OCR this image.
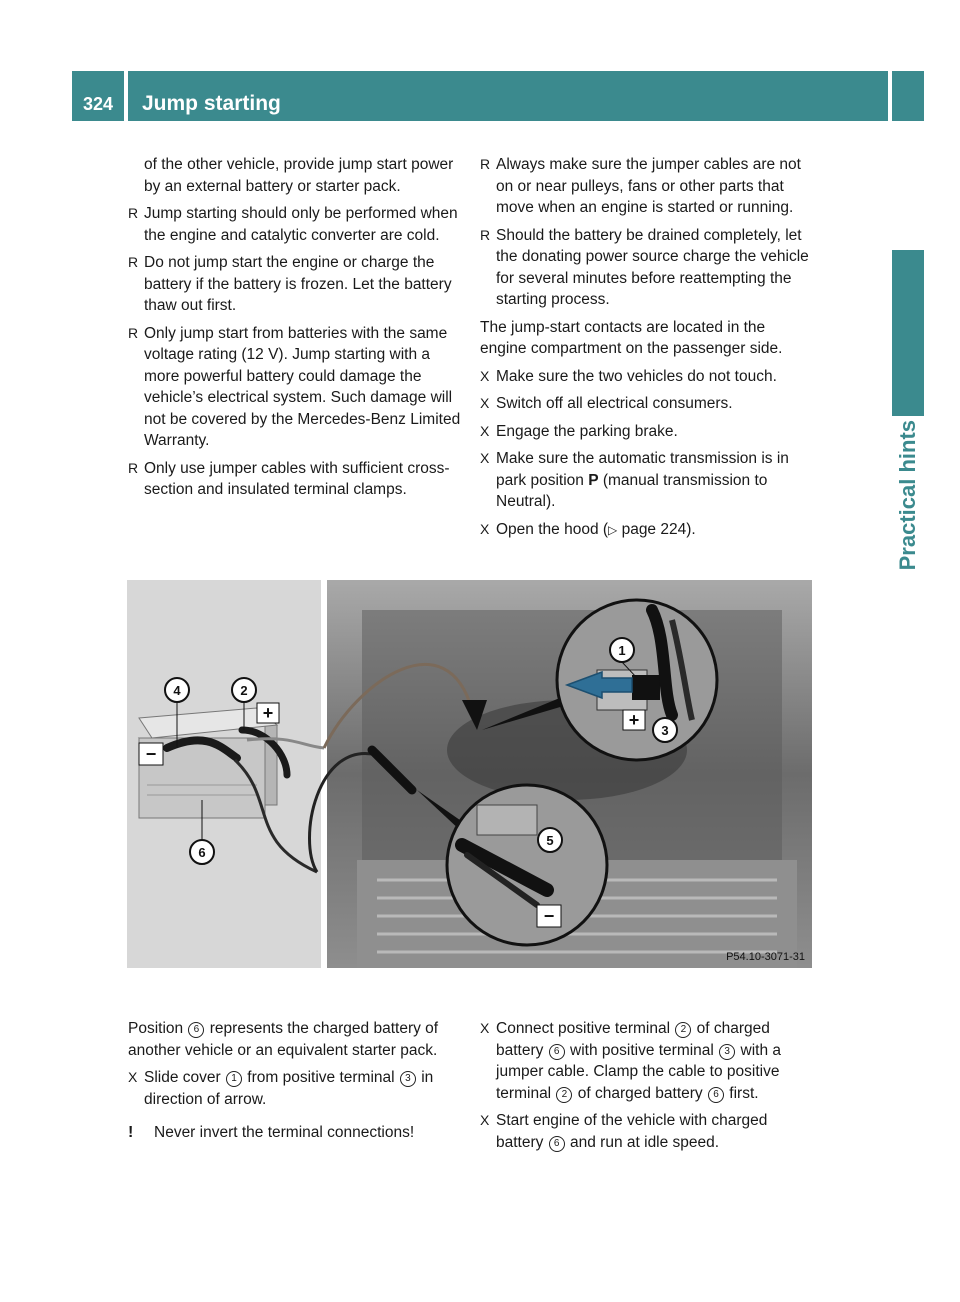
324	Jump starting
Practical hints

of the other vehicle, provide jump start power by an external battery or starter pack.

R Jump starting should only be performed when the engine and catalytic converter are cold.
R Do not jump start the engine or charge the battery if the battery is frozen. Let the battery thaw out first.
R Only jump start from batteries with the same voltage rating (12 V). Jump starting with a more powerful battery could damage the vehicle’s electrical system. Such damage will not be covered by the Mercedes-Benz Limited Warranty.
R Only use jumper cables with sufficient cross-section and insulated terminal clamps.
R Always make sure the jumper cables are not on or near pulleys, fans or other parts that move when an engine is started or running.
R Should the battery be drained completely, let the donating power source charge the vehicle for several minutes before reattempting the starting process.

The jump-start contacts are located in the engine compartment on the passenger side.

X Make sure the two vehicles do not touch.
X Switch off all electrical consumers.
X Engage the parking brake.
X Make sure the automatic transmission is in park position P (manual transmission to Neutral).
X Open the hood (▷ page 224).
4	2
6
1
3
5
+
−
+
−
P54.10-3071-31

Position 6 represents the charged battery of another vehicle or an equivalent starter pack.

X Slide cover 1 from positive terminal 3 in direction of arrow.
! Never invert the terminal connections!
X Connect positive terminal 2 of charged battery 6 with positive terminal 3 with a jumper cable. Clamp the cable to positive terminal 2 of charged battery 6 first.
X Start engine of the vehicle with charged battery 6 and run at idle speed.
